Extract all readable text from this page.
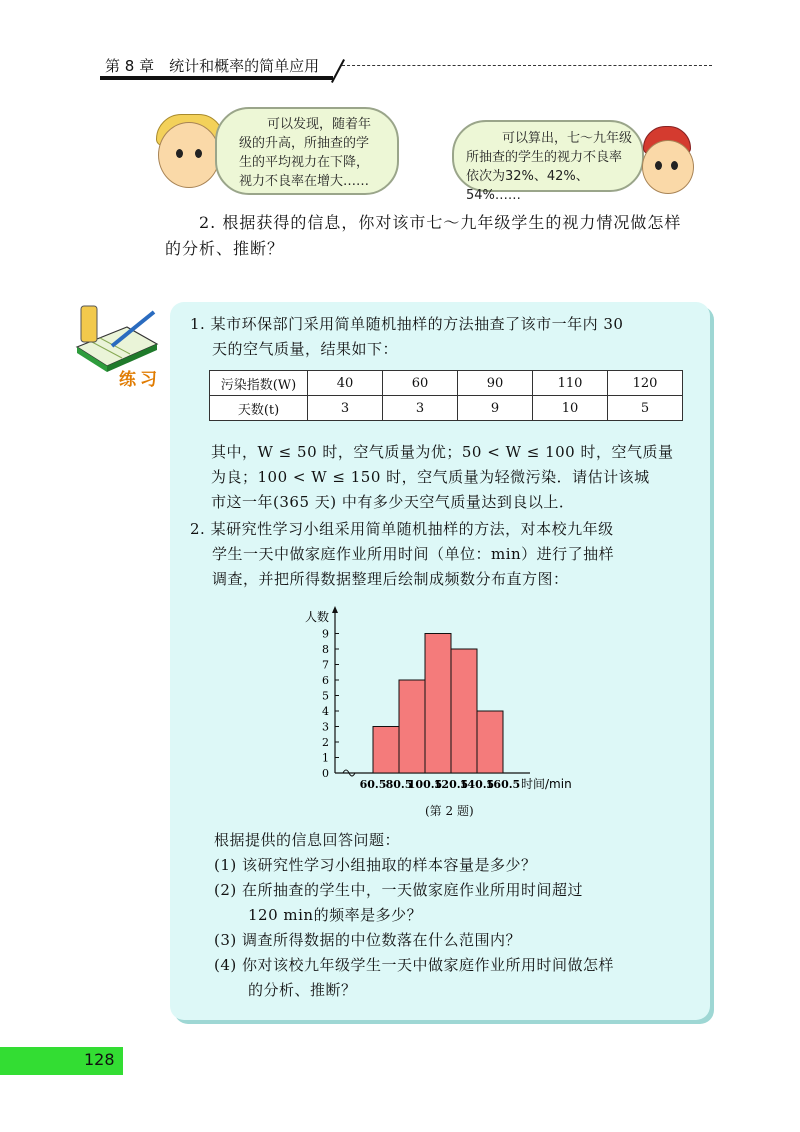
第 8 章　统计和概率的简单应用

可以发现，随着年

级的升高，所抽查的学

生的平均视力在下降，

视力不良率在增大……

可以算出，七～九年级

所抽查的学生的视力不良率

依次为32%、42%、54%……

2. 根据获得的信息，你对该市七～九年级学生的视力情况做怎样
的分析、推断？
练习
1. 某市环保部门采用简单随机抽样的方法抽查了该市一年内 30
天的空气质量，结果如下：
污染指数(W)	40	60	90	110	120
天数(t)	3	3	9	10	5
其中，W ≤ 50 时，空气质量为优；50 < W ≤ 100 时，空气质量
为良；100 < W ≤ 150 时，空气质量为轻微污染．请估计该城
市这一年(365 天) 中有多少天空气质量达到良以上．
2. 某研究性学习小组采用简单随机抽样的方法，对本校九年级
学生一天中做家庭作业所用时间（单位：min）进行了抽样
调查，并把所得数据整理后绘制成频数分布直方图：
0
1
2
3
4
5
6
7
8
9
人数
60.5 80.5
100.5
120.5
140.5
160.5 时间/min
(第 2 题)
根据提供的信息回答问题：
(1) 该研究性学习小组抽取的样本容量是多少？
(2) 在所抽查的学生中，一天做家庭作业所用时间超过
120 min的频率是多少？
(3) 调查所得数据的中位数落在什么范围内？
(4) 你对该校九年级学生一天中做家庭作业所用时间做怎样
的分析、推断？
128
